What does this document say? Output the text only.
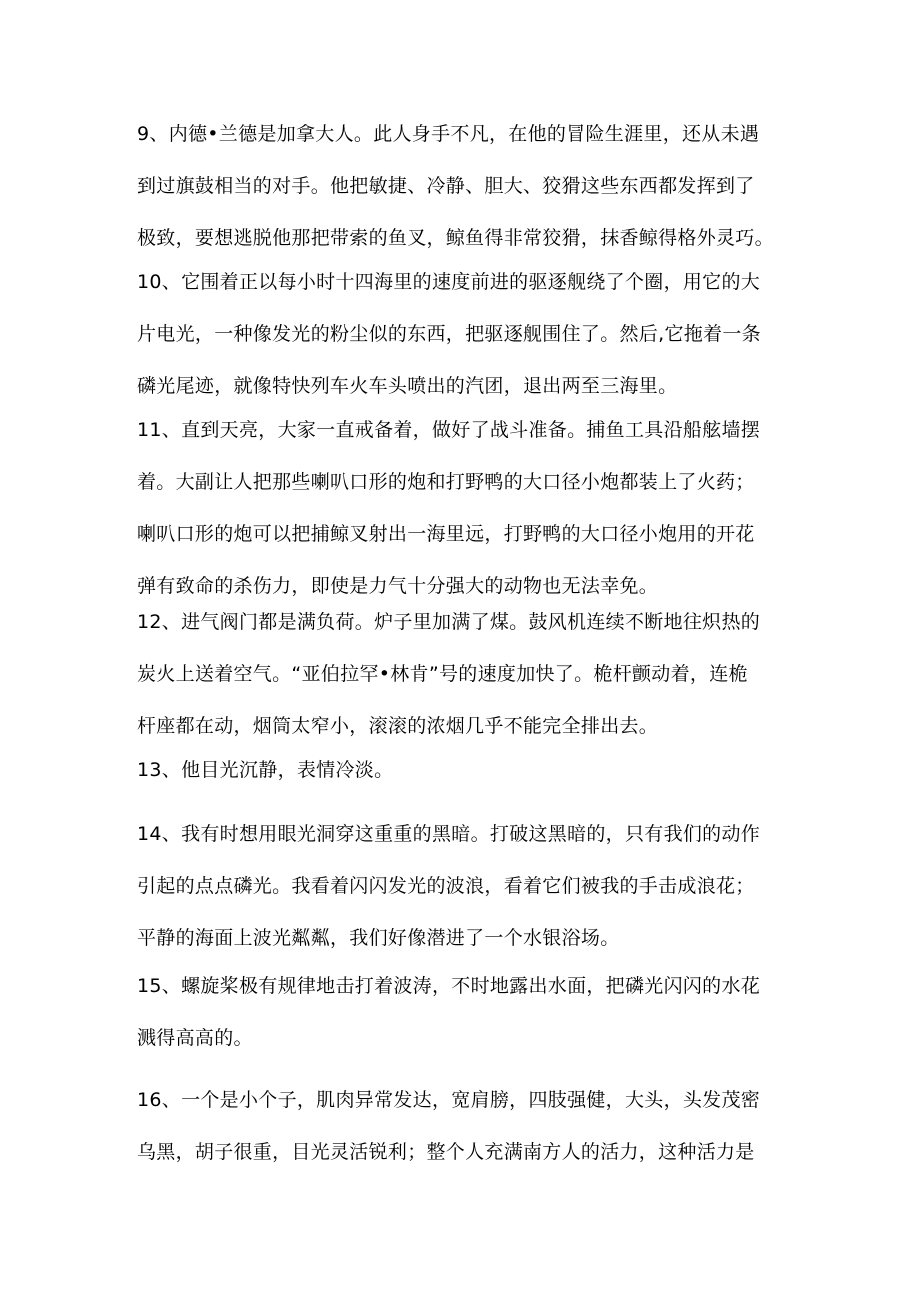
9、内德•兰德是加拿大人。此人身手不凡，在他的冒险生涯里，还从未遇
到过旗鼓相当的对手。他把敏捷、冷静、胆大、狡猾这些东西都发挥到了
极致，要想逃脱他那把带索的鱼叉，鲸鱼得非常狡猾，抹香鲸得格外灵巧。
10、它围着正以每小时十四海里的速度前进的驱逐舰绕了个圈，用它的大
片电光，一种像发光的粉尘似的东西，把驱逐舰围住了。然后,它拖着一条
磷光尾迹，就像特快列车火车头喷出的汽团，退出两至三海里。
11、直到天亮，大家一直戒备着，做好了战斗准备。捕鱼工具沿船舷墙摆
着。大副让人把那些喇叭口形的炮和打野鸭的大口径小炮都装上了火药；
喇叭口形的炮可以把捕鲸叉射出一海里远，打野鸭的大口径小炮用的开花
弹有致命的杀伤力，即使是力气十分强大的动物也无法幸免。
12、进气阀门都是满负荷。炉子里加满了煤。鼓风机连续不断地往炽热的
炭火上送着空气。“亚伯拉罕•林肯”号的速度加快了。桅杆颤动着，连桅
杆座都在动，烟筒太窄小，滚滚的浓烟几乎不能完全排出去。
13、他目光沉静，表情冷淡。
14、我有时想用眼光洞穿这重重的黑暗。打破这黑暗的，只有我们的动作
引起的点点磷光。我看着闪闪发光的波浪，看着它们被我的手击成浪花；
平静的海面上波光粼粼，我们好像潜进了一个水银浴场。
15、螺旋桨极有规律地击打着波涛，不时地露出水面，把磷光闪闪的水花
溅得高高的。
16、一个是小个子，肌肉异常发达，宽肩膀，四肢强健，大头，头发茂密
乌黑，胡子很重，目光灵活锐利；整个人充满南方人的活力，这种活力是
